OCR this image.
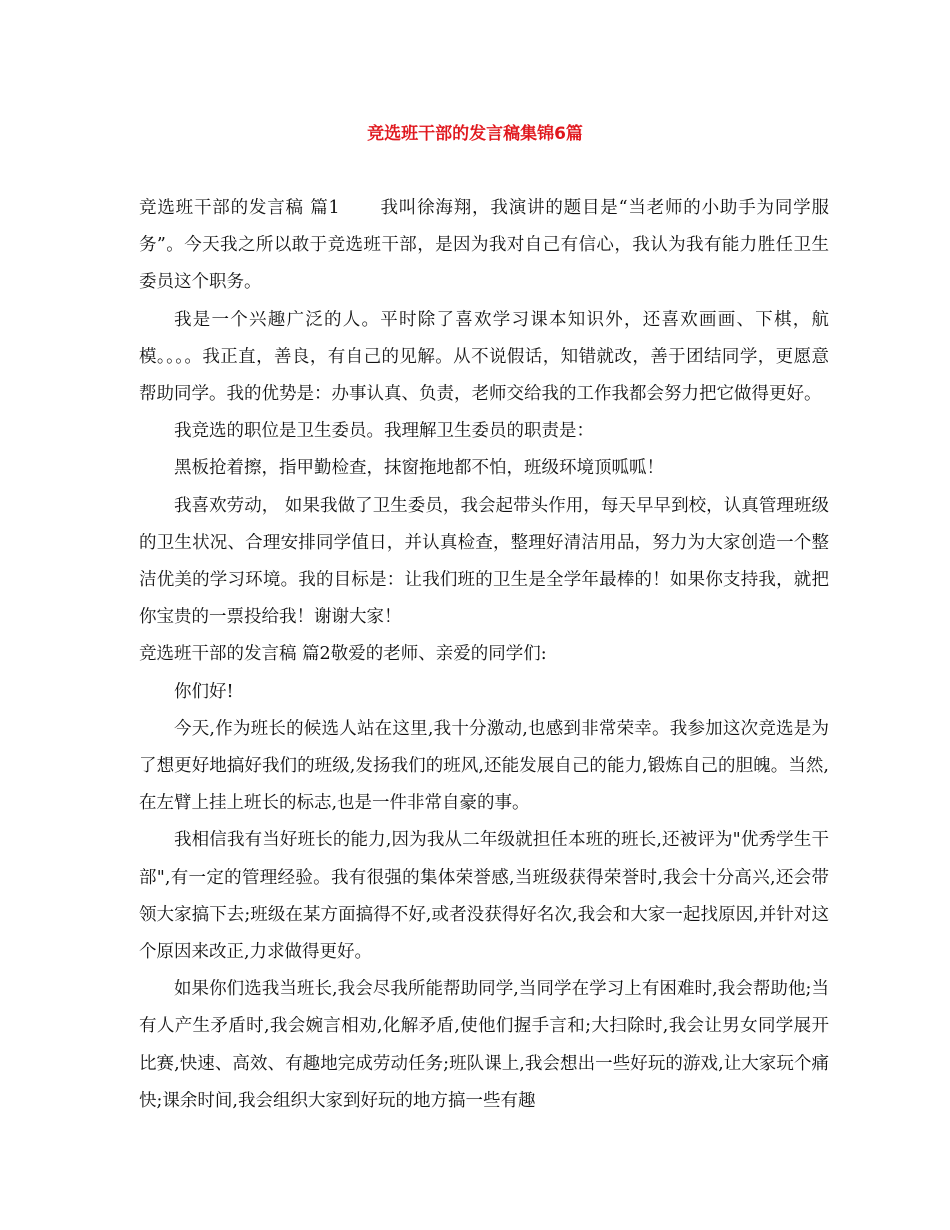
竞选班干部的发言稿集锦6篇

竞选班干部的发言稿 篇1 我叫徐海翔，我演讲的题目是“当老师的小助手为同学服务”。今天我之所以敢于竞选班干部，是因为我对自己有信心，我认为我有能力胜任卫生委员这个职务。

我是一个兴趣广泛的人。平时除了喜欢学习课本知识外，还喜欢画画、下棋，航模。。。。我正直，善良，有自己的见解。从不说假话，知错就改，善于团结同学，更愿意帮助同学。我的优势是：办事认真、负责，老师交给我的工作我都会努力把它做得更好。

我竞选的职位是卫生委员。我理解卫生委员的职责是：

黑板抢着擦，指甲勤检查，抹窗拖地都不怕，班级环境顶呱呱！

我喜欢劳动， 如果我做了卫生委员，我会起带头作用，每天早早到校，认真管理班级的卫生状况、合理安排同学值日，并认真检查，整理好清洁用品，努力为大家创造一个整洁优美的学习环境。我的目标是：让我们班的卫生是全学年最棒的！如果你支持我，就把你宝贵的一票投给我！谢谢大家！

竞选班干部的发言稿 篇2敬爱的老师、亲爱的同学们:

你们好!

今天,作为班长的候选人站在这里,我十分激动,也感到非常荣幸。我参加这次竞选是为了想更好地搞好我们的班级,发扬我们的班风,还能发展自己的能力,锻炼自己的胆魄。当然,在左臂上挂上班长的标志,也是一件非常自豪的事。

我相信我有当好班长的能力,因为我从二年级就担任本班的班长,还被评为"优秀学生干部",有一定的管理经验。我有很强的集体荣誉感,当班级获得荣誉时,我会十分高兴,还会带领大家搞下去;班级在某方面搞得不好,或者没获得好名次,我会和大家一起找原因,并针对这个原因来改正,力求做得更好。

如果你们选我当班长,我会尽我所能帮助同学,当同学在学习上有困难时,我会帮助他;当有人产生矛盾时,我会婉言相劝,化解矛盾,使他们握手言和;大扫除时,我会让男女同学展开比赛,快速、高效、有趣地完成劳动任务;班队课上,我会想出一些好玩的游戏,让大家玩个痛快;课余时间,我会组织大家到好玩的地方搞一些有趣
